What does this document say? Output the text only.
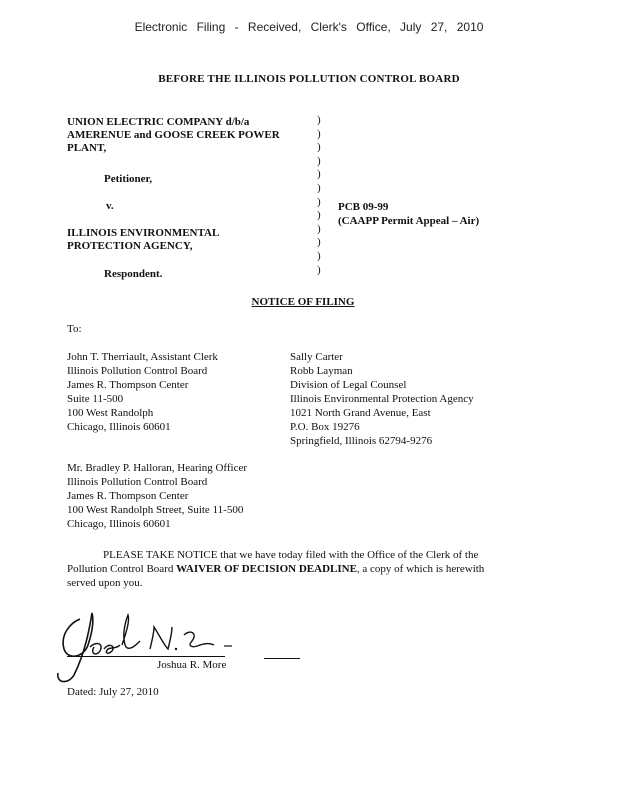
Electronic Filing - Received, Clerk's Office, July 27, 2010
BEFORE THE ILLINOIS POLLUTION CONTROL BOARD
UNION ELECTRIC COMPANY d/b/a
AMERENUE and GOOSE CREEK POWER
PLANT,
Petitioner,
v.
ILLINOIS ENVIRONMENTAL
PROTECTION AGENCY,
Respondent.
)
)
)
)
)
)
)
)
)
)
)
)
PCB 09-99
(CAAPP Permit Appeal – Air)
NOTICE OF FILING
To:
John T. Therriault, Assistant Clerk
Illinois Pollution Control Board
James R. Thompson Center
Suite 11-500
100 West Randolph
Chicago, Illinois 60601
Sally Carter
Robb Layman
Division of Legal Counsel
Illinois Environmental Protection Agency
1021 North Grand Avenue, East
P.O. Box 19276
Springfield, Illinois 62794-9276
Mr. Bradley P. Halloran, Hearing Officer
Illinois Pollution Control Board
James R. Thompson Center
100 West Randolph Street, Suite 11-500
Chicago, Illinois 60601
PLEASE TAKE NOTICE that we have today filed with the Office of the Clerk of the
Pollution Control Board WAIVER OF DECISION DEADLINE, a copy of which is herewith
served upon you.
Joshua R. More
Dated: July 27, 2010
